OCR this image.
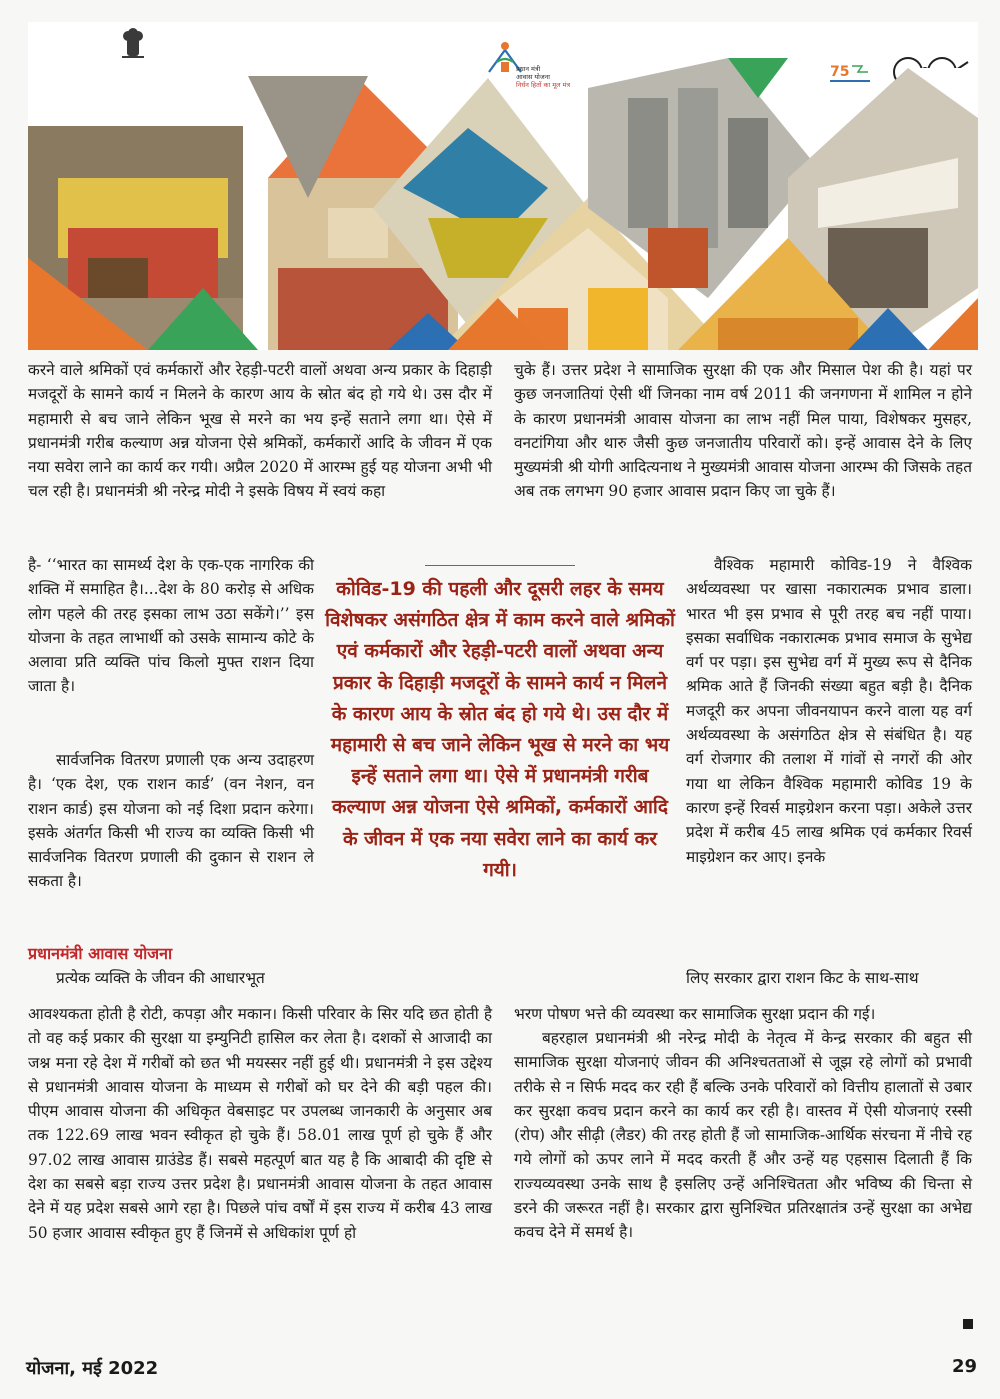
प्रधान मंत्री
आवास योजना
निर्धन हितों का मूल मंत्र
75

करने वाले श्रमिकों एवं कर्मकारों और रेहड़ी-पटरी वालों अथवा अन्य प्रकार के दिहाड़ी मजदूरों के सामने कार्य न मिलने के कारण आय के स्रोत बंद हो गये थे। उस दौर में महामारी से बच जाने लेकिन भूख से मरने का भय इन्हें सताने लगा था। ऐसे में प्रधानमंत्री गरीब कल्याण अन्न योजना ऐसे श्रमिकों, कर्मकारों आदि के जीवन में एक नया सवेरा लाने का कार्य कर गयी। अप्रैल 2020 में आरम्भ हुई यह योजना अभी भी चल रही है। प्रधानमंत्री श्री नरेन्द्र मोदी ने इसके विषय में स्वयं कहा

है- ‘‘भारत का सामर्थ्य देश के एक-एक नागरिक की शक्ति में समाहित है।...देश के 80 करोड़ से अधिक लोग पहले की तरह इसका लाभ उठा सकेंगे।’’ इस योजना के तहत लाभार्थी को उसके सामान्य कोटे के अलावा प्रति व्यक्ति पांच किलो मुफ्त राशन दिया जाता है।

सार्वजनिक वितरण प्रणाली एक अन्य उदाहरण है। ‘एक देश, एक राशन कार्ड’ (वन नेशन, वन राशन कार्ड) इस योजना को नई दिशा प्रदान करेगा। इसके अंतर्गत किसी भी राज्य का व्यक्ति किसी भी सार्वजनिक वितरण प्रणाली की दुकान से राशन ले सकता है।

प्रधानमंत्री आवास योजना

प्रत्येक व्यक्ति के जीवन की आधारभूत

आवश्यकता होती है रोटी, कपड़ा और मकान। किसी परिवार के सिर यदि छत होती है तो वह कई प्रकार की सुरक्षा या इम्युनिटी हासिल कर लेता है। दशकों से आजादी का जश्न मना रहे देश में गरीबों को छत भी मयस्सर नहीं हुई थी। प्रधानमंत्री ने इस उद्देश्य से प्रधानमंत्री आवास योजना के माध्यम से गरीबों को घर देने की बड़ी पहल की। पीएम आवास योजना की अधिकृत वेबसाइट पर उपलब्ध जानकारी के अनुसार अब तक 122.69 लाख भवन स्वीकृत हो चुके हैं। 58.01 लाख पूर्ण हो चुके हैं और 97.02 लाख आवास ग्राउंडेड हैं। सबसे महत्पूर्ण बात यह है कि आबादी की दृष्टि से देश का सबसे बड़ा राज्य उत्तर प्रदेश है। प्रधानमंत्री आवास योजना के तहत आवास देने में यह प्रदेश सबसे आगे रहा है। पिछले पांच वर्षों में इस राज्य में करीब 43 लाख 50 हजार आवास स्वीकृत हुए हैं जिनमें से अधिकांश पूर्ण हो

कोविड-19 की पहली और दूसरी लहर के समय विशेषकर असंगठित क्षेत्र में काम करने वाले श्रमिकों एवं कर्मकारों और रेहड़ी-पटरी वालों अथवा अन्य प्रकार के दिहाड़ी मजदूरों के सामने कार्य न मिलने के कारण आय के स्रोत बंद हो गये थे। उस दौर में महामारी से बच जाने लेकिन भूख से मरने का भय इन्हें सताने लगा था। ऐसे में प्रधानमंत्री गरीब कल्याण अन्न योजना ऐसे श्रमिकों, कर्मकारों आदि के जीवन में एक नया सवेरा लाने का कार्य कर गयी।

चुके हैं। उत्तर प्रदेश ने सामाजिक सुरक्षा की एक और मिसाल पेश की है। यहां पर कुछ जनजातियां ऐसी थीं जिनका नाम वर्ष 2011 की जनगणना में शामिल न होने के कारण प्रधानमंत्री आवास योजना का लाभ नहीं मिल पाया, विशेषकर मुसहर, वनटांगिया और थारु जैसी कुछ जनजातीय परिवारों को। इन्हें आवास देने के लिए मुख्यमंत्री श्री योगी आदित्यनाथ ने मुख्यमंत्री आवास योजना आरम्भ की जिसके तहत अब तक लगभग 90 हजार आवास प्रदान किए जा चुके हैं।

वैश्विक महामारी कोविड-19 ने वैश्विक अर्थव्यवस्था पर खासा नकारात्मक प्रभाव डाला। भारत भी इस प्रभाव से पूरी तरह बच नहीं पाया। इसका सर्वाधिक नकारात्मक प्रभाव समाज के सुभेद्य वर्ग पर पड़ा। इस सुभेद्य वर्ग में मुख्य रूप से दैनिक श्रमिक आते हैं जिनकी संख्या बहुत बड़ी है। दैनिक मजदूरी कर अपना जीवनयापन करने वाला यह वर्ग अर्थव्यवस्था के असंगठित क्षेत्र से संबंधित है। यह वर्ग रोजगार की तलाश में गांवों से नगरों की ओर गया था लेकिन वैश्विक महामारी कोविड 19 के कारण इन्हें रिवर्स माइग्रेशन करना पड़ा। अकेले उत्तर प्रदेश में करीब 45 लाख श्रमिक एवं कर्मकार रिवर्स माइग्रेशन कर आए। इनके

लिए सरकार द्वारा राशन किट के साथ-साथ

भरण पोषण भत्ते की व्यवस्था कर सामाजिक सुरक्षा प्रदान की गई।

बहरहाल प्रधानमंत्री श्री नरेन्द्र मोदी के नेतृत्व में केन्द्र सरकार की बहुत सी सामाजिक सुरक्षा योजनाएं जीवन की अनिश्चतताओं से जूझ रहे लोगों को प्रभावी तरीके से न सिर्फ मदद कर रही हैं बल्कि उनके परिवारों को वित्तीय हालातों से उबार कर सुरक्षा कवच प्रदान करने का कार्य कर रही है। वास्तव में ऐसी योजनाएं रस्सी (रोप) और सीढ़ी (लैडर) की तरह होती हैं जो सामाजिक-आर्थिक संरचना में नीचे रह गये लोगों को ऊपर लाने में मदद करती हैं और उन्हें यह एहसास दिलाती हैं कि राज्यव्यवस्था उनके साथ है इसलिए उन्हें अनिश्चितता और भविष्य की चिन्ता से डरने की जरूरत नहीं है। सरकार द्वारा सुनिश्चित प्रतिरक्षातंत्र उन्हें सुरक्षा का अभेद्य कवच देने में समर्थ है।

योजना, मई 2022	29
